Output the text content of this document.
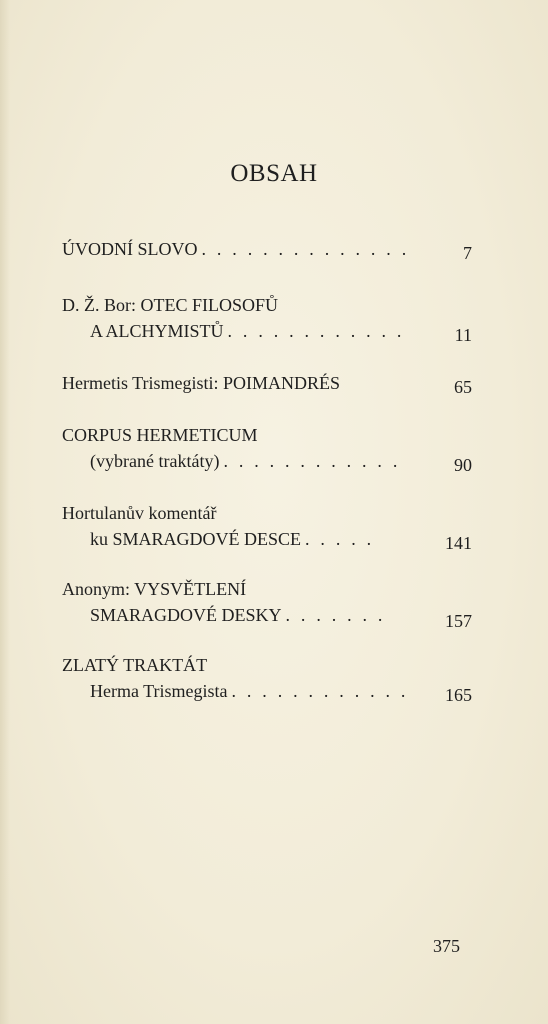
OBSAH
ÚVODNÍ SLOVO . . . . . . . . . . . . . .	7
D. Ž. Bor: OTEC FILOSOFŮ
A ALCHYMISTŮ . . . . . . . . . . . .	11
Hermetis Trismegisti: POIMANDRÉS	65
CORPUS HERMETICUM
(vybrané traktáty) . . . . . . . . . . . .	90
Hortulanův komentář
ku SMARAGDOVÉ DESCE . . . . .	141
Anonym: VYSVĚTLENÍ
SMARAGDOVÉ DESKY . . . . . . .	157
ZLATÝ TRAKTÁT
Herma Trismegista . . . . . . . . . . . .	165
375
